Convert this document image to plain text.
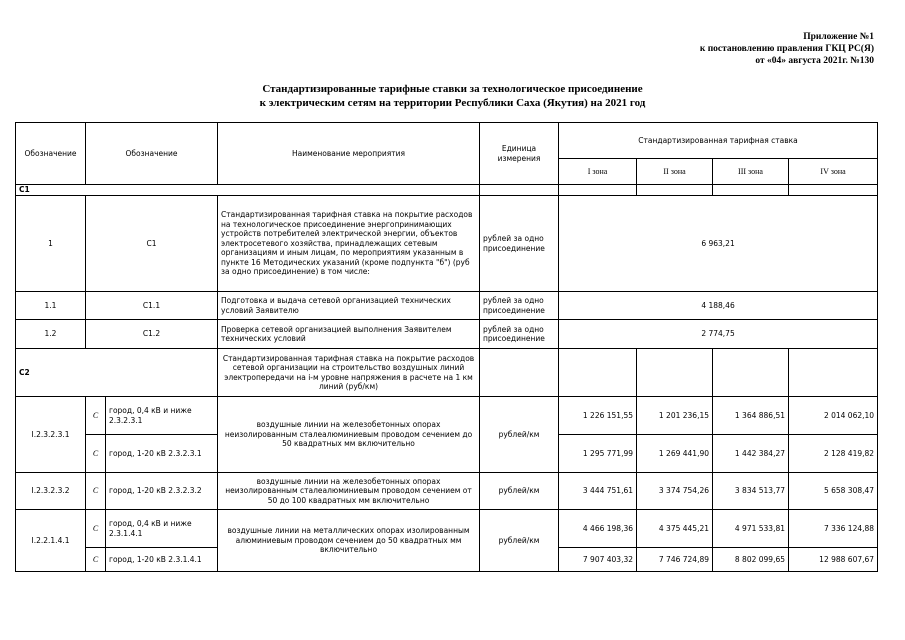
Приложение №1
к постановлению правления ГКЦ РС(Я)
от «04» августа 2021г. №130
Стандартизированные тарифные ставки за технологическое присоединение
к электрическим сетям на территории Республики Саха (Якутия) на 2021 год
Обозначение	Обозначение		Наименование мероприятия	Единица измерения	Стандартизированная тарифная ставка			
					I зона	II зона	III зона	IV зона
С1								
1	С1		Стандартизированная тарифная ставка на покрытие расходов на технологическое присоединение энергопринимающих устройств потребителей электрической энергии, объектов электросетевого хозяйства, принадлежащих сетевым организациям и иным лицам, по мероприятиям указанным в пункте 16 Методических указаний (кроме подпункта "б") (руб за одно присоединение) в том числе:	рублей за одно присоединение	6 963,21			
1.1	С1.1		Подготовка и выдача сетевой организацией технических условий Заявителю	рублей за одно присоединение	4 188,46			
1.2	С1.2		Проверка сетевой организацией выполнения Заявителем технических условий	рублей за одно присоединение	2 774,75			
С2			Стандартизированная тарифная ставка на покрытие расходов сетевой организации на строительство воздушных линий электропередачи на i-м уровне напряжения в расчете на 1 км линий (руб/км)					
I.2.3.2.3.1	С	город, 0,4 кВ и ниже 2.3.2.3.1	воздушные линии на железобетонных опорах неизолированным сталеалюминиевым проводом сечением до 50 квадратных мм включительно	рублей/км	1 226 151,55	1 201 236,15	1 364 886,51	2 014 062,10
	С	город, 1-20 кВ 2.3.2.3.1			1 295 771,99	1 269 441,90	1 442 384,27	2 128 419,82
I.2.3.2.3.2	С	город, 1-20 кВ 2.3.2.3.2	воздушные линии на железобетонных опорах неизолированным сталеалюминиевым проводом сечением от 50 до 100 квадратных мм включительно	рублей/км	3 444 751,61	3 374 754,26	3 834 513,77	5 658 308,47
I.2.2.1.4.1	С	город, 0,4 кВ и ниже 2.3.1.4.1	воздушные линии на металлических опорах изолированным алюминиевым проводом сечением до 50 квадратных мм включительно	рублей/км	4 466 198,36	4 375 445,21	4 971 533,81	7 336 124,88
	С	город, 1-20 кВ 2.3.1.4.1			7 907 403,32	7 746 724,89	8 802 099,65	12 988 607,67
